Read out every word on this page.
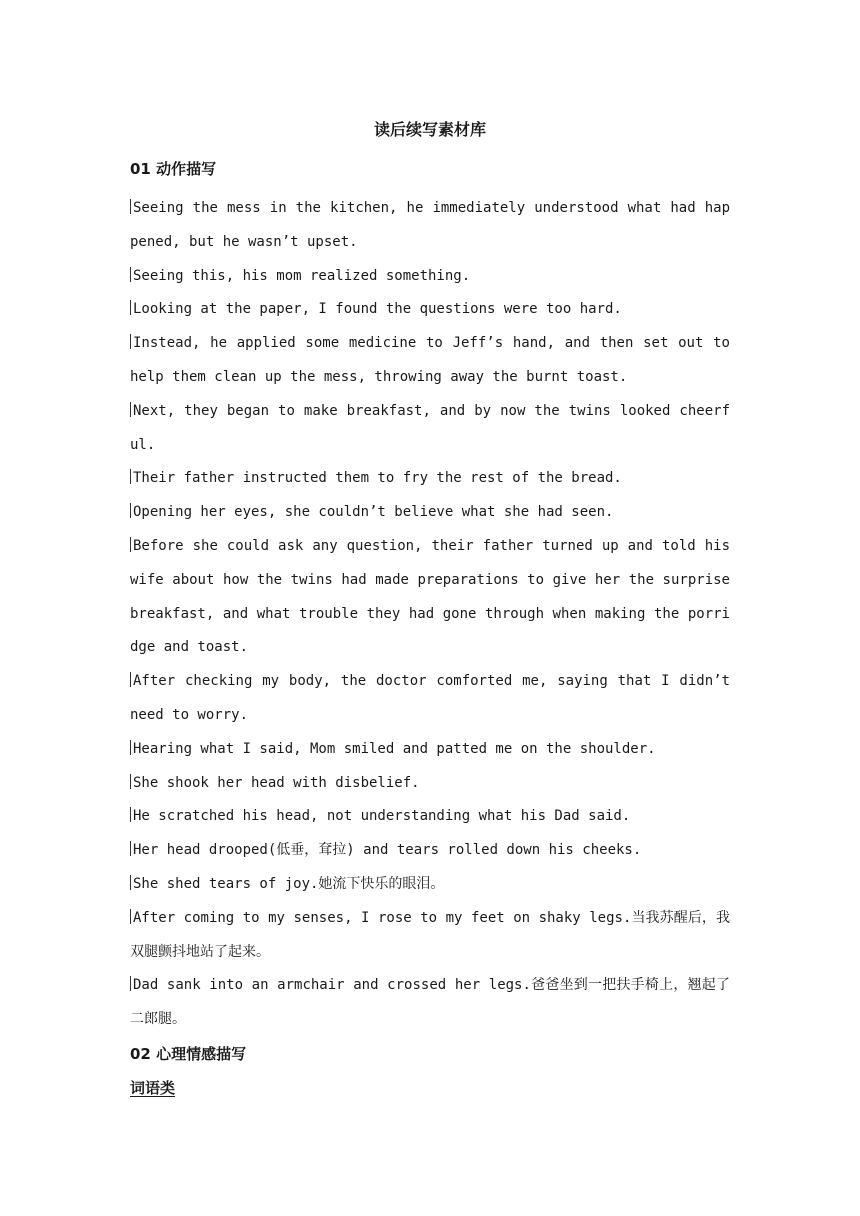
读后续写素材库
01 动作描写
Seeing the mess in the kitchen, he immediately understood what had happened, but he wasn’t upset.
Seeing this, his mom realized something.
Looking at the paper, I found the questions were too hard.
Instead, he applied some medicine to Jeff’s hand, and then set out to help them clean up the mess, throwing away the burnt toast.
Next, they began to make breakfast, and by now the twins looked cheerful.
Their father instructed them to fry the rest of the bread.
Opening her eyes, she couldn’t believe what she had seen.
Before she could ask any question, their father turned up and told his wife about how the twins had made preparations to give her the surprise breakfast, and what trouble they had gone through when making the porridge and toast.
After checking my body, the doctor comforted me, saying that I didn’t need to worry.
Hearing what I said, Mom smiled and patted me on the shoulder.
She shook her head with disbelief.
He scratched his head, not understanding what his Dad said.
Her head drooped(低垂，耷拉) and tears rolled down his cheeks.
She shed tears of joy.她流下快乐的眼泪。
After coming to my senses, I rose to my feet on shaky legs.当我苏醒后，我双腿颤抖地站了起来。
Dad sank into an armchair and crossed her legs.爸爸坐到一把扶手椅上，翘起了二郎腿。
02 心理情感描写
词语类
